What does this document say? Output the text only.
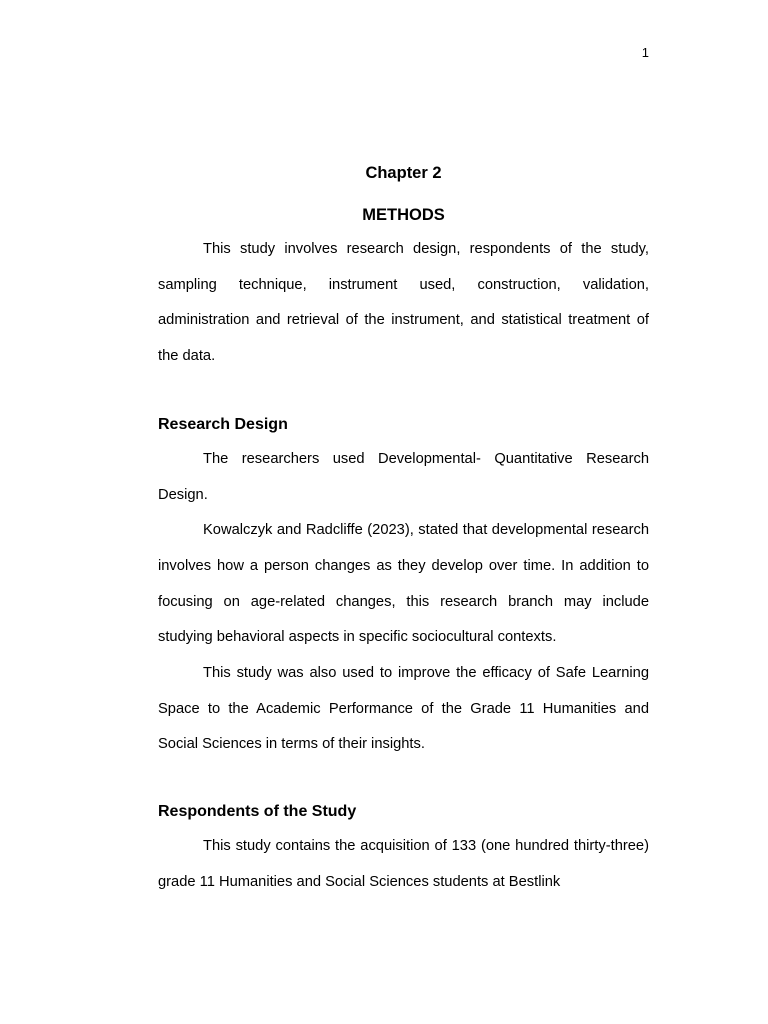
1
Chapter 2
METHODS

This study involves research design, respondents of the study, sampling technique, instrument used, construction, validation, administration and retrieval of the instrument, and statistical treatment of the data.

Research Design

The researchers used Developmental- Quantitative Research Design.

Kowalczyk and Radcliffe (2023), stated that developmental research involves how a person changes as they develop over time. In addition to focusing on age-related changes, this research branch may include studying behavioral aspects in specific sociocultural contexts.

This study was also used to improve the efficacy of Safe Learning Space to the Academic Performance of the Grade 11 Humanities and Social Sciences in terms of their insights.

Respondents of the Study

This study contains the acquisition of 133 (one hundred thirty-three) grade 11 Humanities and Social Sciences students at Bestlink
